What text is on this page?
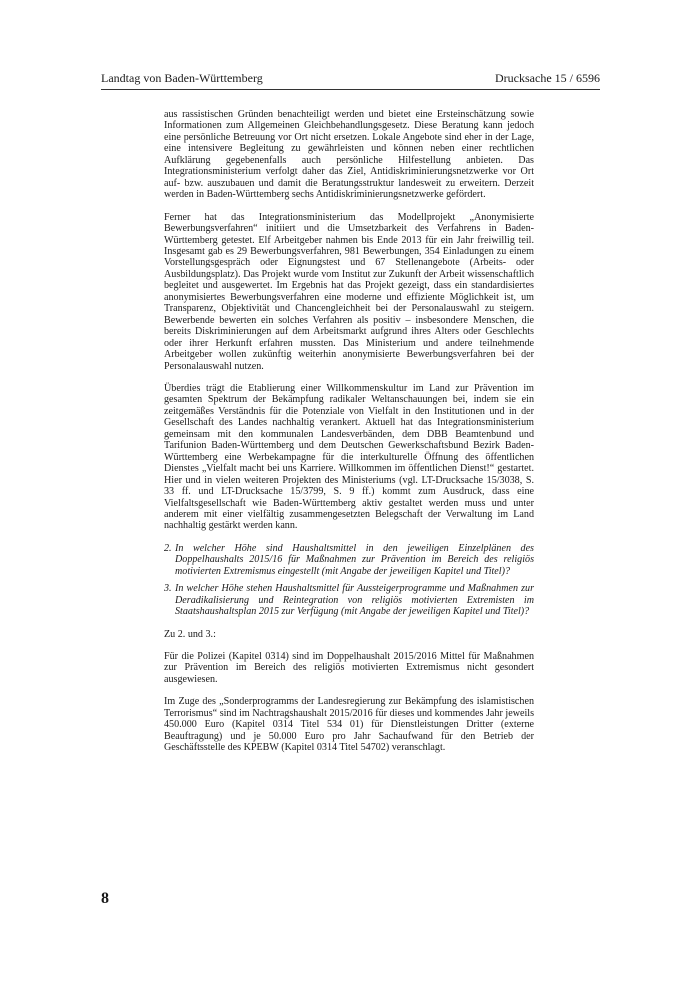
Landtag von Baden-Württemberg	Drucksache 15 / 6596

aus rassistischen Gründen benachteiligt werden und bietet eine Ersteinschätzung sowie Informationen zum Allgemeinen Gleichbehandlungsgesetz. Diese Beratung kann jedoch eine persönliche Betreuung vor Ort nicht ersetzen. Lokale Angebote sind eher in der Lage, eine intensivere Begleitung zu gewährleisten und können neben einer rechtlichen Aufklärung gegebenenfalls auch persönliche Hilfestellung anbieten. Das Integrationsministerium verfolgt daher das Ziel, Antidiskriminierungsnetzwerke vor Ort auf- bzw. auszubauen und damit die Beratungsstruktur landesweit zu erweitern. Derzeit werden in Baden-Württemberg sechs Antidiskriminierungsnetzwerke gefördert.

Ferner hat das Integrationsministerium das Modellprojekt „Anonymisierte Bewerbungsverfahren“ initiiert und die Umsetzbarkeit des Verfahrens in Baden-Württemberg getestet. Elf Arbeitgeber nahmen bis Ende 2013 für ein Jahr freiwillig teil. Insgesamt gab es 29 Bewerbungsverfahren, 981 Bewerbungen, 354 Einladungen zu einem Vorstellungsgespräch oder Eignungstest und 67 Stellenangebote (Arbeits- oder Ausbildungsplatz). Das Projekt wurde vom Institut zur Zukunft der Arbeit wissenschaftlich begleitet und ausgewertet. Im Ergebnis hat das Projekt gezeigt, dass ein standardisiertes anonymisiertes Bewerbungsverfahren eine moderne und effiziente Möglichkeit ist, um Transparenz, Objektivität und Chancengleichheit bei der Personalauswahl zu steigern. Bewerbende bewerten ein solches Verfahren als positiv – insbesondere Menschen, die bereits Diskriminierungen auf dem Arbeitsmarkt aufgrund ihres Alters oder Geschlechts oder ihrer Herkunft erfahren mussten. Das Ministerium und andere teilnehmende Arbeitgeber wollen zukünftig weiterhin anonymisierte Bewerbungsverfahren bei der Personalauswahl nutzen.

Überdies trägt die Etablierung einer Willkommenskultur im Land zur Prävention im gesamten Spektrum der Bekämpfung radikaler Weltanschauungen bei, indem sie ein zeitgemäßes Verständnis für die Potenziale von Vielfalt in den Institutionen und in der Gesellschaft des Landes nachhaltig verankert. Aktuell hat das Integrationsministerium gemeinsam mit den kommunalen Landesverbänden, dem DBB Beamtenbund und Tarifunion Baden-Württemberg und dem Deutschen Gewerkschaftsbund Bezirk Baden-Württemberg eine Werbekampagne für die interkulturelle Öffnung des öffentlichen Dienstes „Vielfalt macht bei uns Karriere. Willkommen im öffentlichen Dienst!“ gestartet. Hier und in vielen weiteren Projekten des Ministeriums (vgl. LT-Drucksache 15/3038, S. 33 ff. und LT-Drucksache 15/3799, S. 9 ff.) kommt zum Ausdruck, dass eine Vielfaltsgesellschaft wie Baden-Württemberg aktiv gestaltet werden muss und unter anderem mit einer vielfältig zusammengesetzten Belegschaft der Verwaltung im Land nachhaltig gestärkt werden kann.

2. In welcher Höhe sind Haushaltsmittel in den jeweiligen Einzelplänen des Doppelhaushalts 2015/16 für Maßnahmen zur Prävention im Bereich des religiös motivierten Extremismus eingestellt (mit Angabe der jeweiligen Kapitel und Titel)?
3. In welcher Höhe stehen Haushaltsmittel für Aussteigerprogramme und Maßnahmen zur Deradikalisierung und Reintegration von religiös motivierten Extremisten im Staatshaushaltsplan 2015 zur Verfügung (mit Angabe der jeweiligen Kapitel und Titel)?

Zu 2. und 3.:

Für die Polizei (Kapitel 0314) sind im Doppelhaushalt 2015/2016 Mittel für Maßnahmen zur Prävention im Bereich des religiös motivierten Extremismus nicht gesondert ausgewiesen.

Im Zuge des „Sonderprogramms der Landesregierung zur Bekämpfung des islamistischen Terrorismus“ sind im Nachtragshaushalt 2015/2016 für dieses und kommendes Jahr jeweils 450.000 Euro (Kapitel 0314 Titel 534 01) für Dienstleistungen Dritter (externe Beauftragung) und je 50.000 Euro pro Jahr Sachaufwand für den Betrieb der Geschäftsstelle des KPEBW (Kapitel 0314 Titel 54702) veranschlagt.

8
